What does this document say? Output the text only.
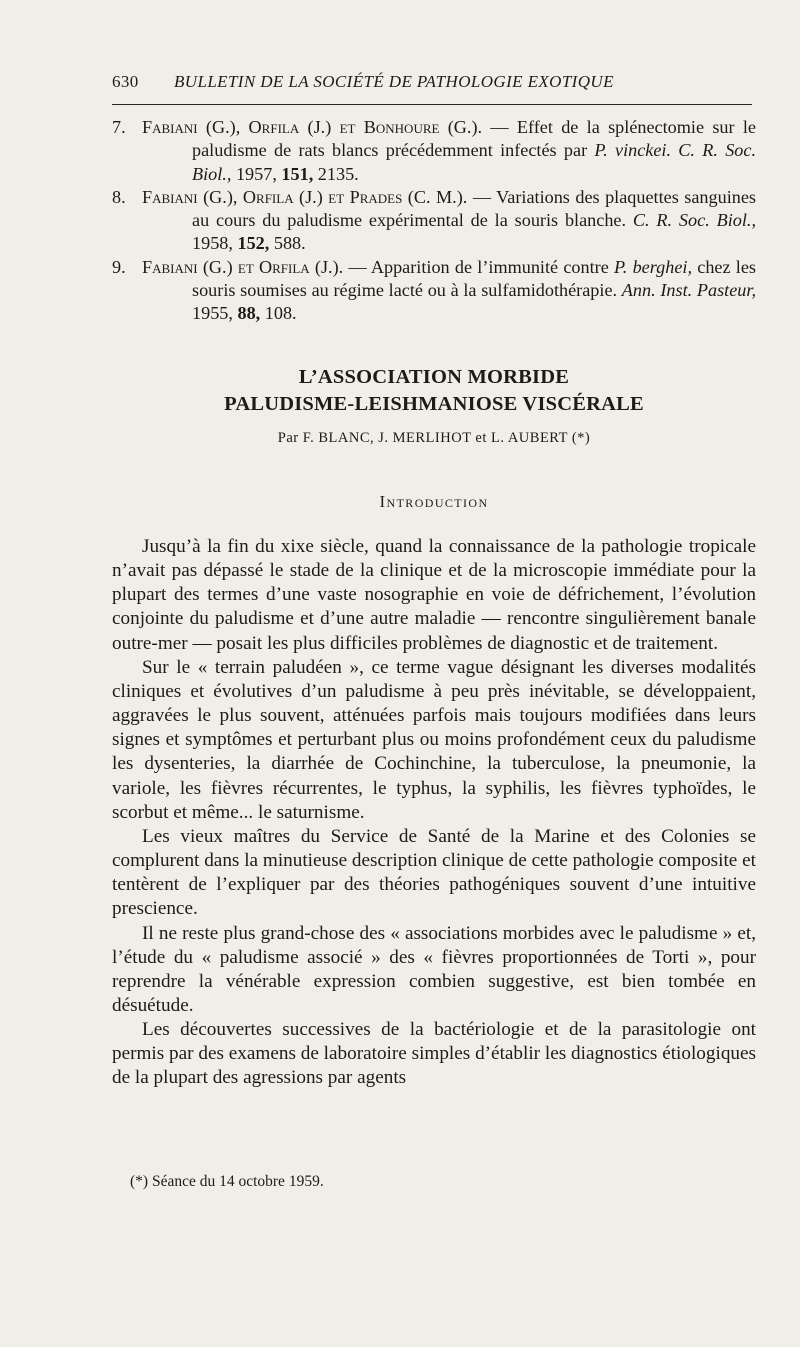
630	BULLETIN DE LA SOCIÉTÉ DE PATHOLOGIE EXOTIQUE
7. Fabiani (G.), Orfila (J.) et Bonhoure (G.). — Effet de la splénectomie sur le paludisme de rats blancs précédemment infectés par P. vinckei. C. R. Soc. Biol., 1957, 151, 2135.
8. Fabiani (G.), Orfila (J.) et Prades (C. M.). — Variations des plaquettes sanguines au cours du paludisme expérimental de la souris blanche. C. R. Soc. Biol., 1958, 152, 588.
9. Fabiani (G.) et Orfila (J.). — Apparition de l’immunité contre P. berghei, chez les souris soumises au régime lacté ou à la sulfamidothérapie. Ann. Inst. Pasteur, 1955, 88, 108.
L’ASSOCIATION MORBIDE
PALUDISME-LEISHMANIOSE VISCÉRALE
Par F. BLANC, J. MERLIHOT et L. AUBERT (*)
Introduction

Jusqu’à la fin du xixe siècle, quand la connaissance de la pathologie tropicale n’avait pas dépassé le stade de la clinique et de la microscopie immédiate pour la plupart des termes d’une vaste nosographie en voie de défrichement, l’évolution conjointe du paludisme et d’une autre maladie — rencontre singulièrement banale outre-mer — posait les plus difficiles problèmes de diagnostic et de traitement.

Sur le « terrain paludéen », ce terme vague désignant les diverses modalités cliniques et évolutives d’un paludisme à peu près inévitable, se développaient, aggravées le plus souvent, atténuées parfois mais toujours modifiées dans leurs signes et symptômes et perturbant plus ou moins profondément ceux du paludisme les dysenteries, la diarrhée de Cochinchine, la tuberculose, la pneumonie, la variole, les fièvres récurrentes, le typhus, la syphilis, les fièvres typhoïdes, le scorbut et même... le saturnisme.

Les vieux maîtres du Service de Santé de la Marine et des Colonies se complurent dans la minutieuse description clinique de cette pathologie composite et tentèrent de l’expliquer par des théories pathogéniques souvent d’une intuitive prescience.

Il ne reste plus grand-chose des « associations morbides avec le paludisme » et, l’étude du « paludisme associé » des « fièvres proportionnées de Torti », pour reprendre la vénérable expression combien suggestive, est bien tombée en désuétude.

Les découvertes successives de la bactériologie et de la parasitologie ont permis par des examens de laboratoire simples d’établir les diagnostics étiologiques de la plupart des agressions par agents

(*) Séance du 14 octobre 1959.
